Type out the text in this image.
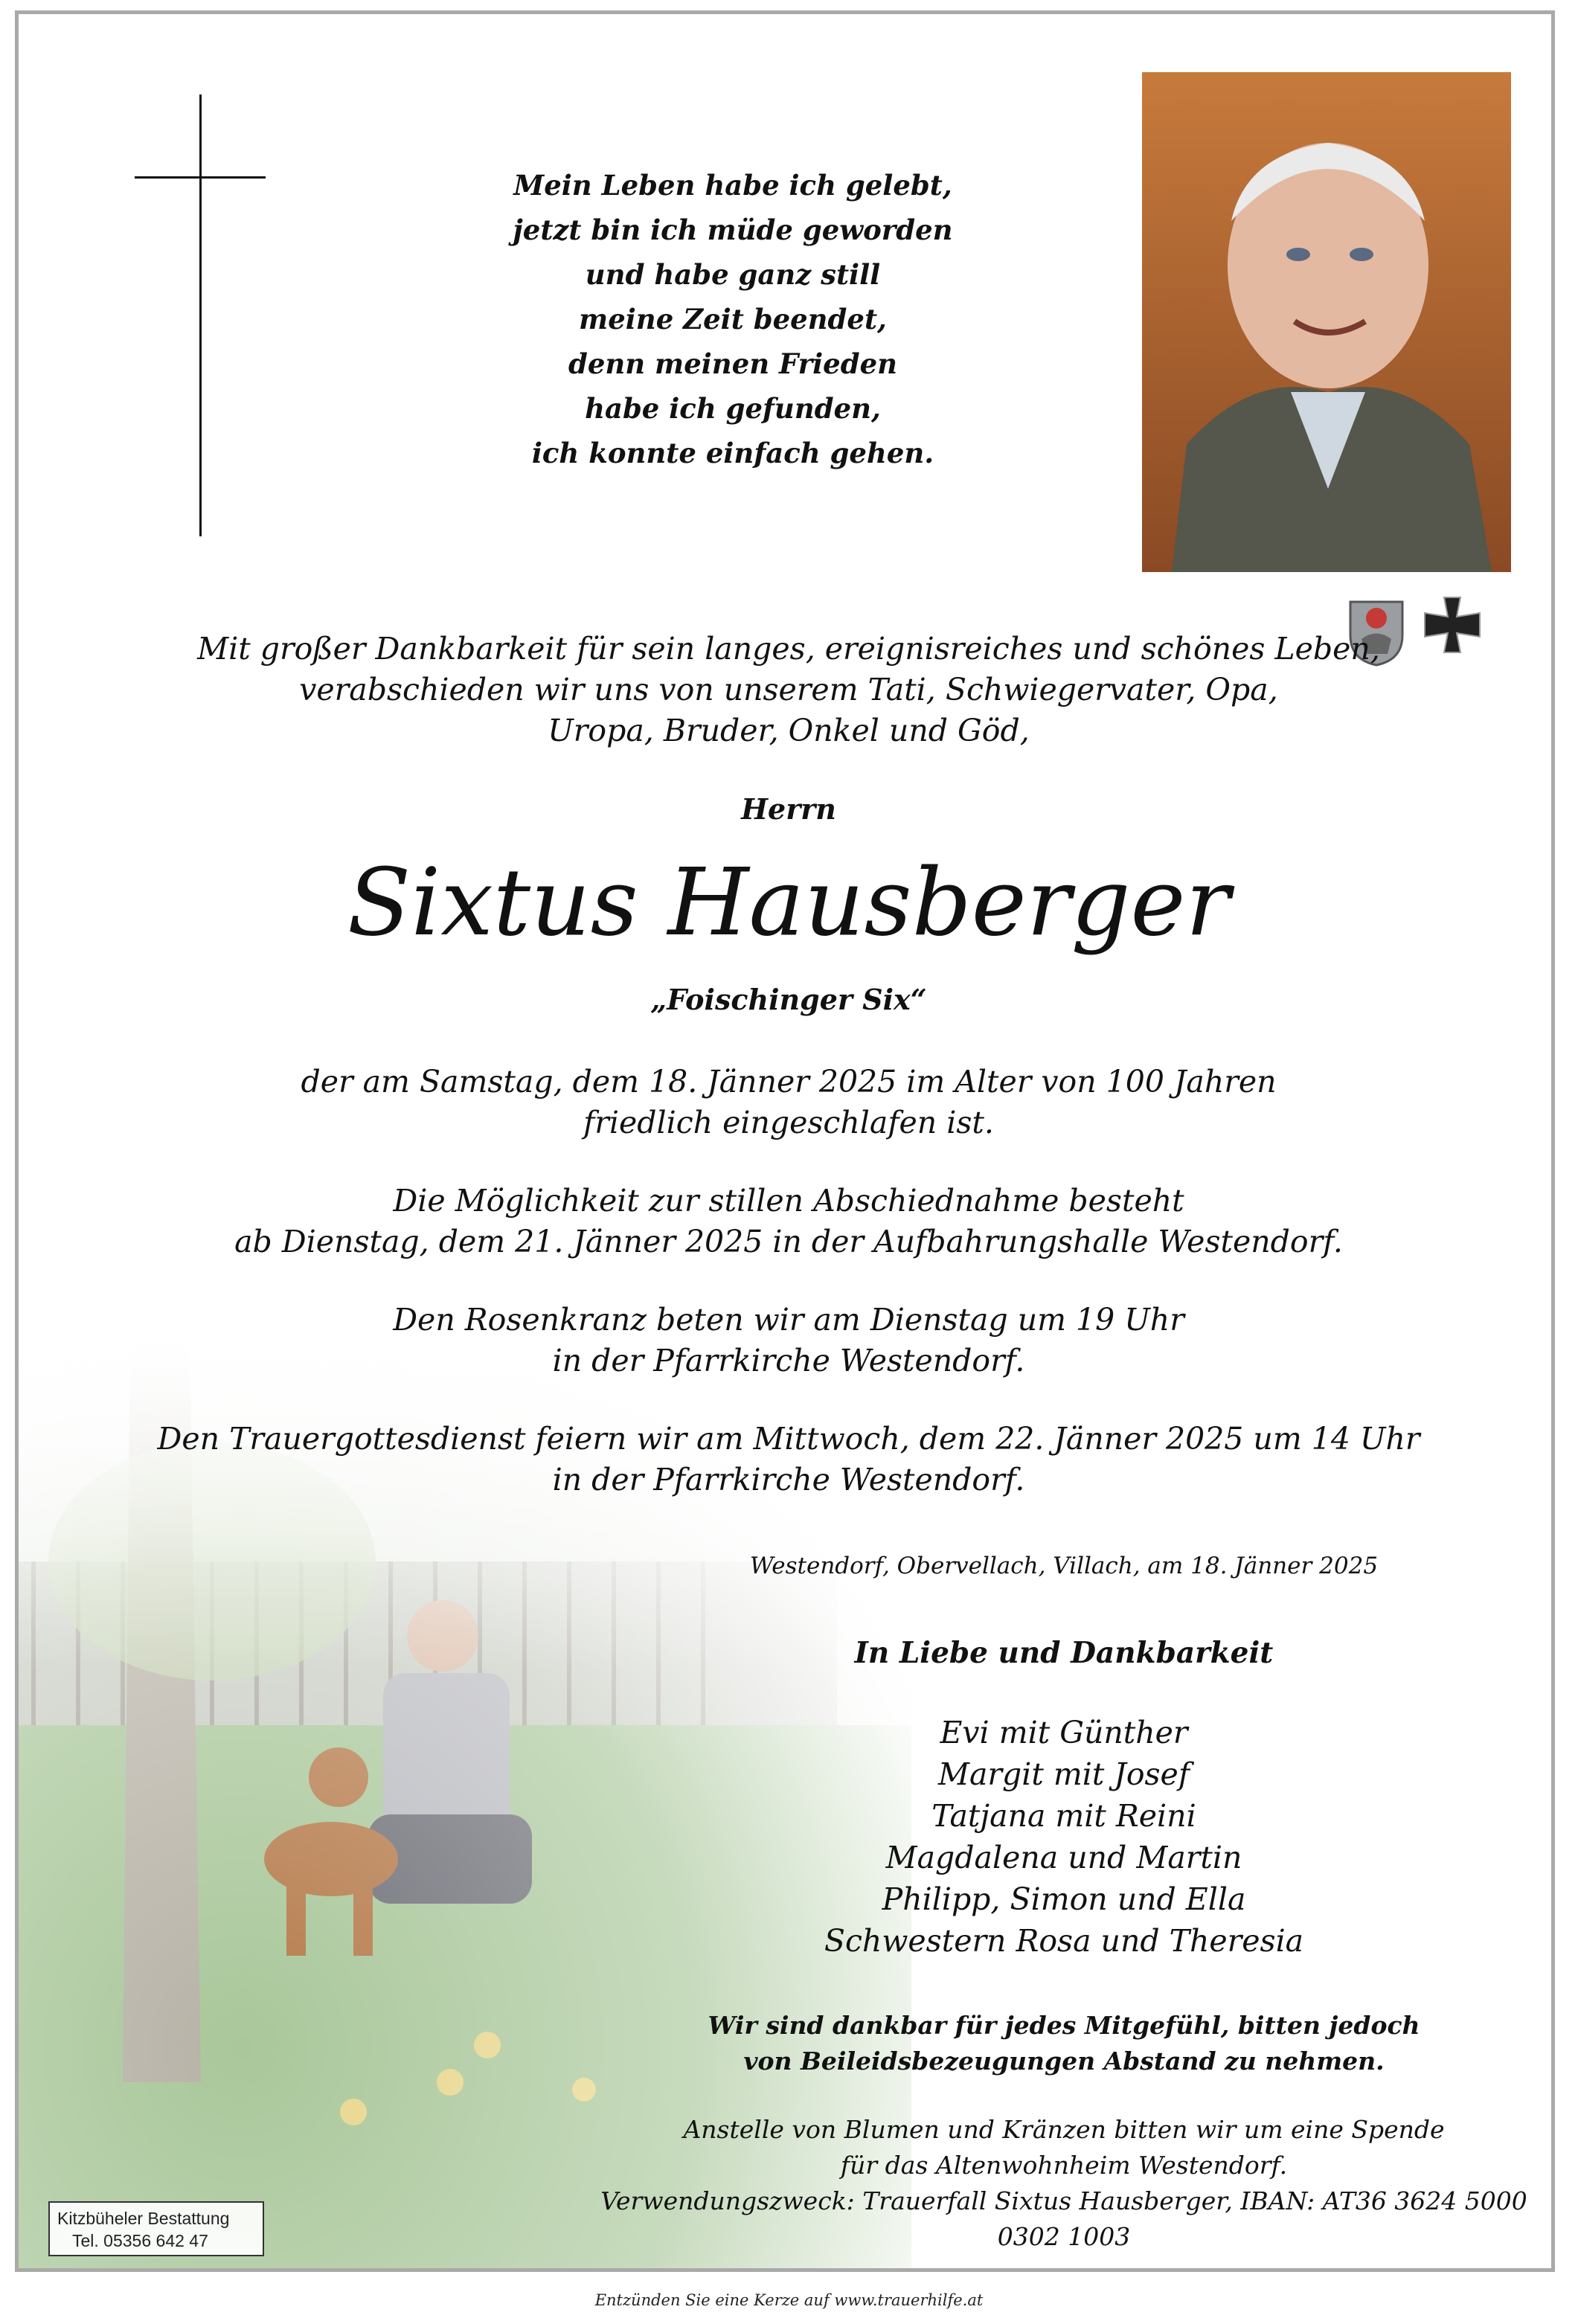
Mein Leben habe ich gelebt,
jetzt bin ich müde geworden
und habe ganz still
meine Zeit beendet,
denn meinen Frieden
habe ich gefunden,
ich konnte einfach gehen.
Mit großer Dankbarkeit für sein langes, ereignisreiches und schönes Leben,
verabschieden wir uns von unserem Tati, Schwiegervater, Opa,
Uropa, Bruder, Onkel und Göd,
Herrn
Sixtus Hausberger
„Foischinger Six“
der am Samstag, dem 18. Jänner 2025 im Alter von 100 Jahren
friedlich eingeschlafen ist.
Die Möglichkeit zur stillen Abschiednahme besteht
ab Dienstag, dem 21. Jänner 2025 in der Aufbahrungshalle Westendorf.
Den Rosenkranz beten wir am Dienstag um 19 Uhr
in der Pfarrkirche Westendorf.
Den Trauergottesdienst feiern wir am Mittwoch, dem 22. Jänner 2025 um 14 Uhr
in der Pfarrkirche Westendorf.
Westendorf, Obervellach, Villach, am 18. Jänner 2025
In Liebe und Dankbarkeit
Evi mit Günther
Margit mit Josef
Tatjana mit Reini
Magdalena und Martin
Philipp, Simon und Ella
Schwestern Rosa und Theresia
Wir sind dankbar für jedes Mitgefühl, bitten jedoch
von Beileidsbezeugungen Abstand zu nehmen.
Anstelle von Blumen und Kränzen bitten wir um eine Spende
für das Altenwohnheim Westendorf.
Verwendungszweck: Trauerfall Sixtus Hausberger, IBAN: AT36 3624 5000 0302 1003
Kitzbüheler Bestattung
Tel. 05356 642 47
Entzünden Sie eine Kerze auf www.trauerhilfe.at
